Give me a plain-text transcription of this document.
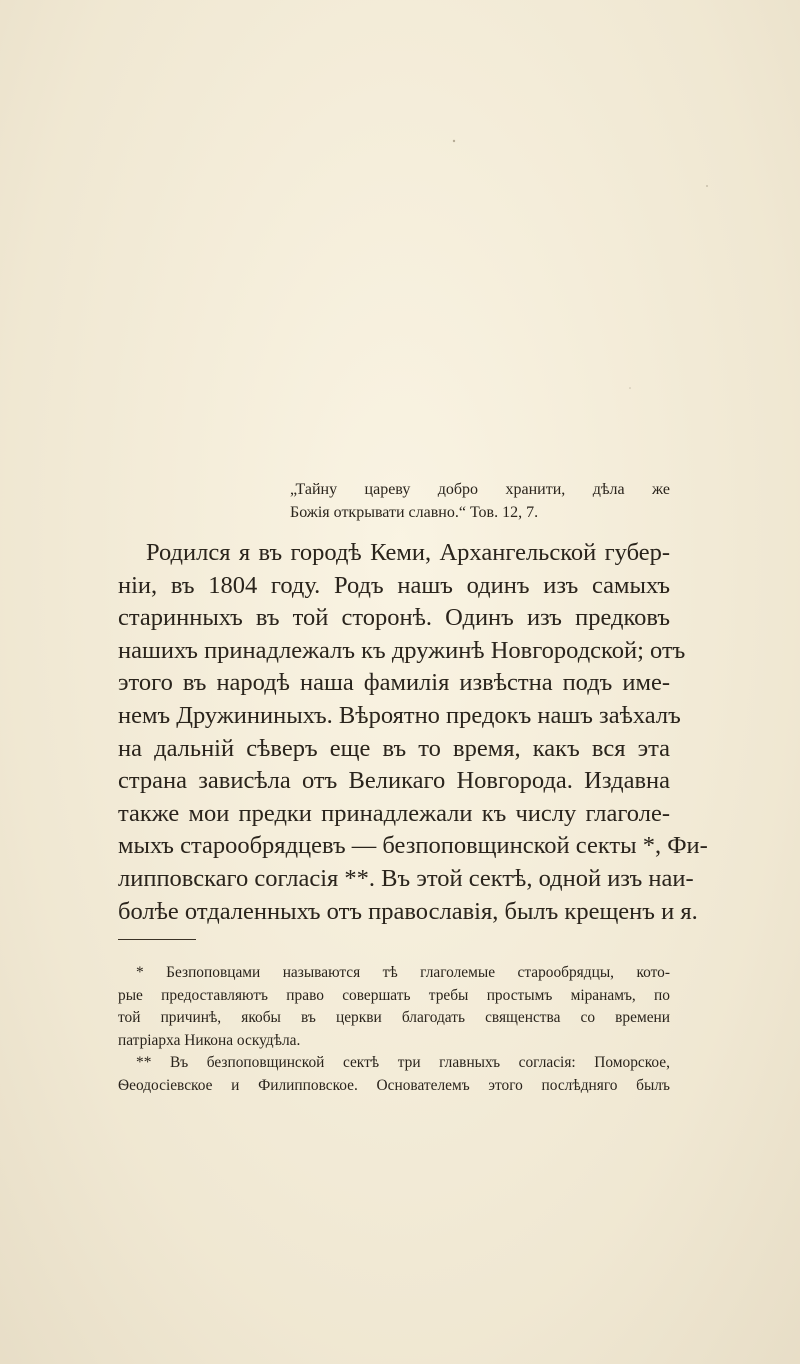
„Тайну цареву добро хранити, дѣла же
Божія открывати славно.“ Тов. 12, 7.
Родился я въ городѣ Кеми, Архангельской губер-
ніи, въ 1804 году. Родъ нашъ одинъ изъ самыхъ
старинныхъ въ той сторонѣ. Одинъ изъ предковъ
нашихъ принадлежалъ къ дружинѣ Новгородской; отъ
этого въ народѣ наша фамилія извѣстна подъ име-
немъ Дружининыхъ. Вѣроятно предокъ нашъ заѣхалъ
на дальній сѣверъ еще въ то время, какъ вся эта
страна зависѣла отъ Великаго Новгорода. Издавна
также мои предки принадлежали къ числу глаголе-
мыхъ старообрядцевъ — безпоповщинской секты *, Фи-
липповскаго согласія **. Въ этой сектѣ, одной изъ наи-
болѣе отдаленныхъ отъ православія, былъ крещенъ и я.
* Безпоповцами называются тѣ глаголемые старообрядцы, кото-
рые предоставляютъ право совершать требы простымъ міранамъ, по
той причинѣ, якобы въ церкви благодать священства со времени
патріарха Никона оскудѣла.
** Въ безпоповщинской сектѣ три главныхъ согласія: Поморское,
Ѳеодосіевское и Филипповское. Основателемъ этого послѣдняго былъ
